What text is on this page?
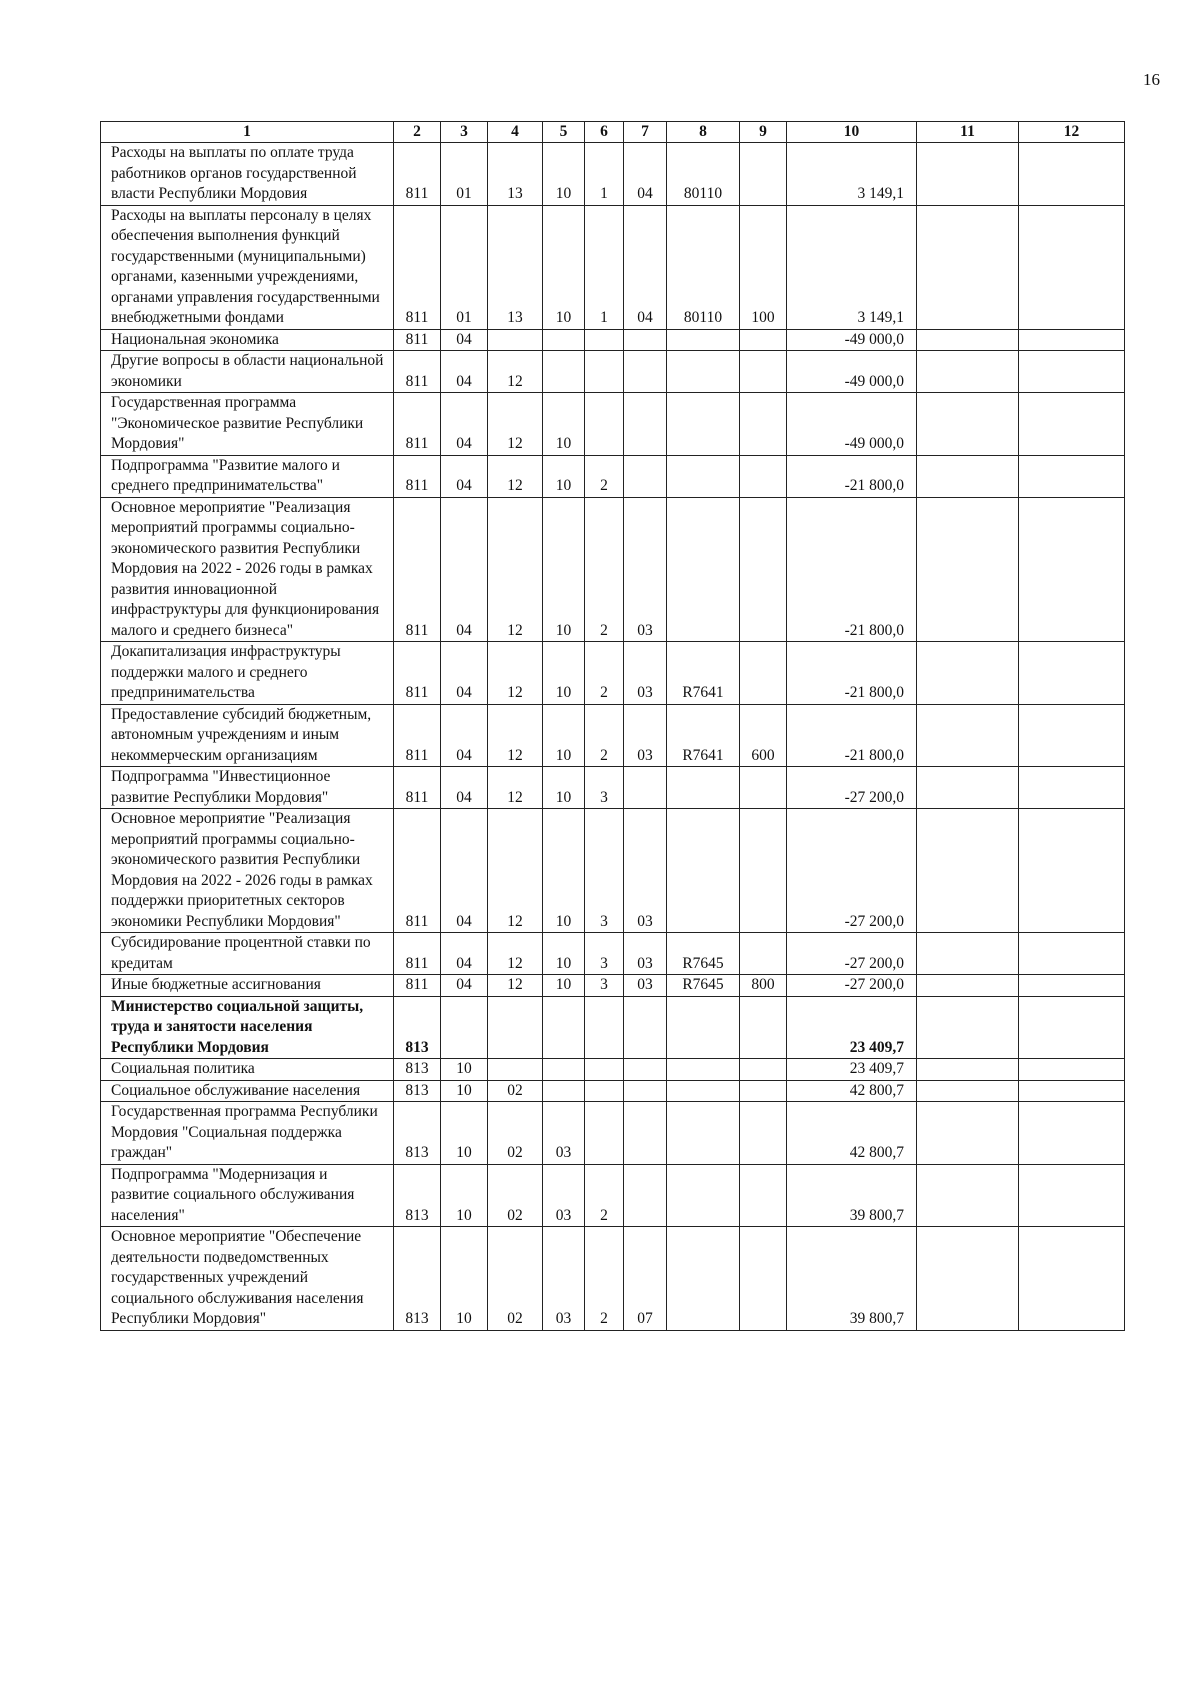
16
1	2	3	4	5	6	7	8	9	10	11	12
Расходы на выплаты по оплате труда работников органов государственной власти Республики Мордовия	811	01	13	10	1	04	80110		3 149,1		
Расходы на выплаты персоналу в целях обеспечения выполнения функций государственными (муниципальными) органами, казенными учреждениями, органами управления государственными внебюджетными фондами	811	01	13	10	1	04	80110	100	3 149,1		
Национальная экономика	811	04							-49 000,0		
Другие вопросы в области национальной экономики	811	04	12						-49 000,0		
Государственная программа "Экономическое развитие Республики Мордовия"	811	04	12	10					-49 000,0		
Подпрограмма "Развитие малого и среднего предпринимательства"	811	04	12	10	2				-21 800,0		
Основное мероприятие "Реализация мероприятий программы социально-экономического развития Республики Мордовия на 2022 - 2026 годы в рамках развития инновационной инфраструктуры для функционирования малого и среднего бизнеса"	811	04	12	10	2	03			-21 800,0		
Докапитализация инфраструктуры поддержки малого и среднего предпринимательства	811	04	12	10	2	03	R7641		-21 800,0		
Предоставление субсидий бюджетным, автономным учреждениям и иным некоммерческим организациям	811	04	12	10	2	03	R7641	600	-21 800,0		
Подпрограмма "Инвестиционное развитие Республики Мордовия"	811	04	12	10	3				-27 200,0		
Основное мероприятие "Реализация мероприятий программы социально-экономического развития Республики Мордовия на 2022 - 2026 годы в рамках поддержки приоритетных секторов экономики Республики Мордовия"	811	04	12	10	3	03			-27 200,0		
Субсидирование процентной ставки по кредитам	811	04	12	10	3	03	R7645		-27 200,0		
Иные бюджетные ассигнования	811	04	12	10	3	03	R7645	800	-27 200,0		
Министерство социальной защиты, труда и занятости населения Республики Мордовия	813								23 409,7		
Социальная политика	813	10							23 409,7		
Социальное обслуживание населения	813	10	02						42 800,7		
Государственная программа Республики Мордовия "Социальная поддержка граждан"	813	10	02	03					42 800,7		
Подпрограмма "Модернизация и развитие социального обслуживания населения"	813	10	02	03	2				39 800,7		
Основное мероприятие "Обеспечение деятельности подведомственных государственных учреждений социального обслуживания населения Республики Мордовия"	813	10	02	03	2	07			39 800,7		
